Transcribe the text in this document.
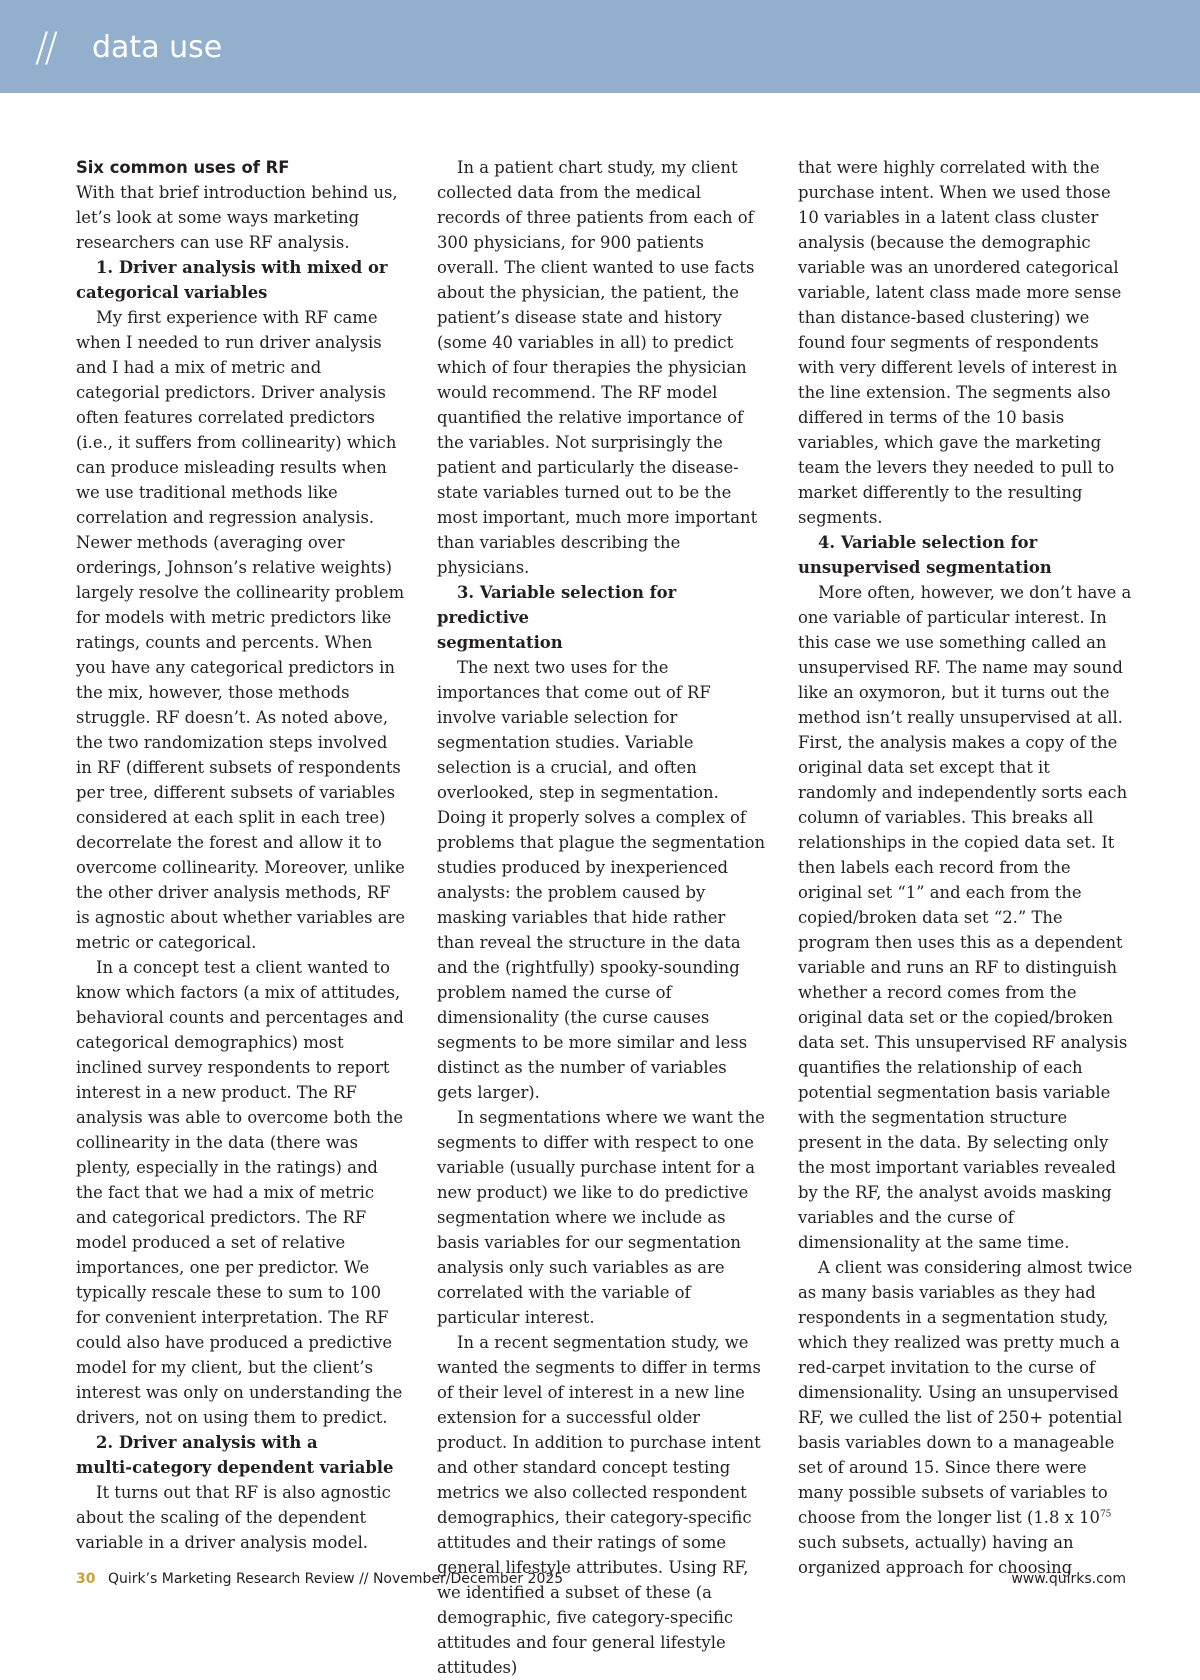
// data use

Six common uses of RF

With that brief introduction behind us, let’s look at some ways marketing researchers can use RF analysis.

1. Driver analysis with mixed or

categorical variables

My first experience with RF came when I needed to run driver analysis and I had a mix of metric and categorial predictors. Driver analysis often features correlated predictors (i.e., it suffers from collinearity) which can produce misleading results when we use traditional methods like correlation and regression analysis. Newer methods (averaging over orderings, Johnson’s relative weights) largely resolve the collinearity problem for models with metric predictors like ratings, counts and percents. When you have any categorical predictors in the mix, however, those methods struggle. RF doesn’t. As noted above, the two randomization steps involved in RF (different subsets of respondents per tree, different subsets of variables considered at each split in each tree) decorrelate the forest and allow it to overcome collinearity. Moreover, unlike the other driver analysis methods, RF is agnostic about whether variables are metric or categorical.

In a concept test a client wanted to know which factors (a mix of attitudes, behavioral counts and percentages and categorical demographics) most inclined survey respondents to report interest in a new product. The RF analysis was able to overcome both the collinearity in the data (there was plenty, especially in the ratings) and the fact that we had a mix of metric and categorical predictors. The RF model produced a set of relative importances, one per predictor. We typically rescale these to sum to 100 for convenient interpretation. The RF could also have produced a predictive model for my client, but the client’s interest was only on understanding the drivers, not on using them to predict.

2. Driver analysis with a

multi-category dependent variable

It turns out that RF is also agnostic about the scaling of the dependent variable in a driver analysis model.

In a patient chart study, my client collected data from the medical records of three patients from each of 300 physicians, for 900 patients overall. The client wanted to use facts about the physician, the patient, the patient’s disease state and history (some 40 variables in all) to predict which of four therapies the physician would recommend. The RF model quantified the relative importance of the variables. Not surprisingly the patient and particularly the disease-state variables turned out to be the most important, much more important than variables describing the physicians.

3. Variable selection for predictive

segmentation

The next two uses for the importances that come out of RF involve variable selection for segmentation studies. Variable selection is a crucial, and often overlooked, step in segmentation. Doing it properly solves a complex of problems that plague the segmentation studies produced by inexperienced analysts: the problem caused by masking variables that hide rather than reveal the structure in the data and the (rightfully) spooky-sounding problem named the curse of dimensionality (the curse causes segments to be more similar and less distinct as the number of variables gets larger).

In segmentations where we want the segments to differ with respect to one variable (usually purchase intent for a new product) we like to do predictive segmentation where we include as basis variables for our segmentation analysis only such variables as are correlated with the variable of particular interest.

In a recent segmentation study, we wanted the segments to differ in terms of their level of interest in a new line extension for a successful older product. In addition to purchase intent and other standard concept testing metrics we also collected respondent demographics, their category-specific attitudes and their ratings of some general lifestyle attributes. Using RF, we identified a subset of these (a demographic, five category-specific attitudes and four general lifestyle attitudes)

that were highly correlated with the purchase intent. When we used those 10 variables in a latent class cluster analysis (because the demographic variable was an unordered categorical variable, latent class made more sense than distance-based clustering) we found four segments of respondents with very different levels of interest in the line extension. The segments also differed in terms of the 10 basis variables, which gave the marketing team the levers they needed to pull to market differently to the resulting segments.

4. Variable selection for

unsupervised segmentation

More often, however, we don’t have a one variable of particular interest. In this case we use something called an unsupervised RF. The name may sound like an oxymoron, but it turns out the method isn’t really unsupervised at all. First, the analysis makes a copy of the original data set except that it randomly and independently sorts each column of variables. This breaks all relationships in the copied data set. It then labels each record from the original set “1” and each from the copied/broken data set “2.” The program then uses this as a dependent variable and runs an RF to distinguish whether a record comes from the original data set or the copied/broken data set. This unsupervised RF analysis quantifies the relationship of each potential segmentation basis variable with the segmentation structure present in the data. By selecting only the most important variables revealed by the RF, the analyst avoids masking variables and the curse of dimensionality at the same time.

A client was considering almost twice as many basis variables as they had respondents in a segmentation study, which they realized was pretty much a red-carpet invitation to the curse of dimensionality. Using an unsupervised RF, we culled the list of 250+ potential basis variables down to a manageable set of around 15. Since there were many possible subsets of variables to choose from the longer list (1.8 x $10^{75}$ such subsets, actually) having an organized approach for choosing

30 Quirk’s Marketing Research Review // November/December 2025	www.quirks.com
